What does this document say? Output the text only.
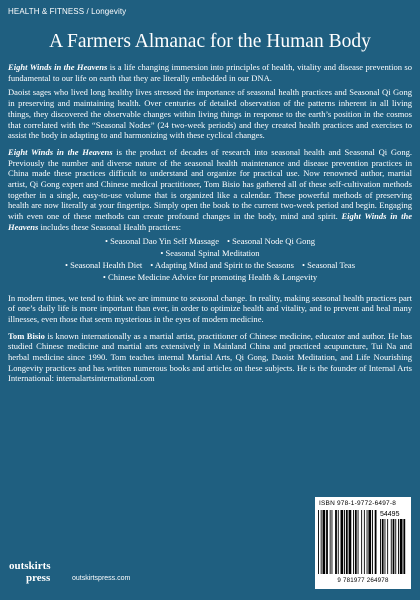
HEALTH & FITNESS / Longevity
A Farmers Almanac for the Human Body

Eight Winds in the Heavens is a life changing immersion into principles of health, vitality and disease prevention so fundamental to our life on earth that they are literally embedded in our DNA.

Daoist sages who lived long healthy lives stressed the importance of seasonal health practices and Seasonal Qi Gong in preserving and maintaining health. Over centuries of detailed observation of the patterns inherent in all living things, they discovered the observable changes within living things in response to the earth’s position in the cosmos that correlated with the “Seasonal Nodes” (24 two-week periods) and they created health practices and exercises to assist the body in adapting to and harmonizing with these cyclical changes.

Eight Winds in the Heavens is the product of decades of research into seasonal health and Seasonal Qi Gong. Previously the number and diverse nature of the seasonal health maintenance and disease prevention practices in China made these practices difficult to understand and organize for practical use. Now renowned author, martial artist, Qi Gong expert and Chinese medical practitioner, Tom Bisio has gathered all of these self-cultivation methods together in a single, easy-to-use volume that is organized like a calendar. These powerful methods of preserving health are now literally at your fingertips. Simply open the book to the current two-week period and begin. Engaging with even one of these methods can create profound changes in the body, mind and spirit. Eight Winds in the Heavens includes these Seasonal Health practices:

• Seasonal Dao Yin Self Massage • Seasonal Node Qi Gong
• Seasonal Spinal Meditation
• Seasonal Health Diet • Adapting Mind and Spirit to the Seasons • Seasonal Teas
• Chinese Medicine Advice for promoting Health & Longevity

In modern times, we tend to think we are immune to seasonal change. In reality, making seasonal health practices part of one’s daily life is more important than ever, in order to optimize health and vitality, and to prevent and heal many illnesses, even those that seem mysterious in the eyes of modern medicine.

Tom Bisio is known internationally as a martial artist, practitioner of Chinese medicine, educator and author. He has studied Chinese medicine and martial arts extensively in Mainland China and practiced acupuncture, Tui Na and herbal medicine since 1990. Tom teaches internal Martial Arts, Qi Gong, Daoist Meditation, and Life Nourishing Longevity practices and has written numerous books and articles on these subjects. He is the founder of Internal Arts International: internalartsinternational.com

outskirts
press	outskirtspress.com
ISBN 978-1-9772-6497-8
54495
9 781977 264978
